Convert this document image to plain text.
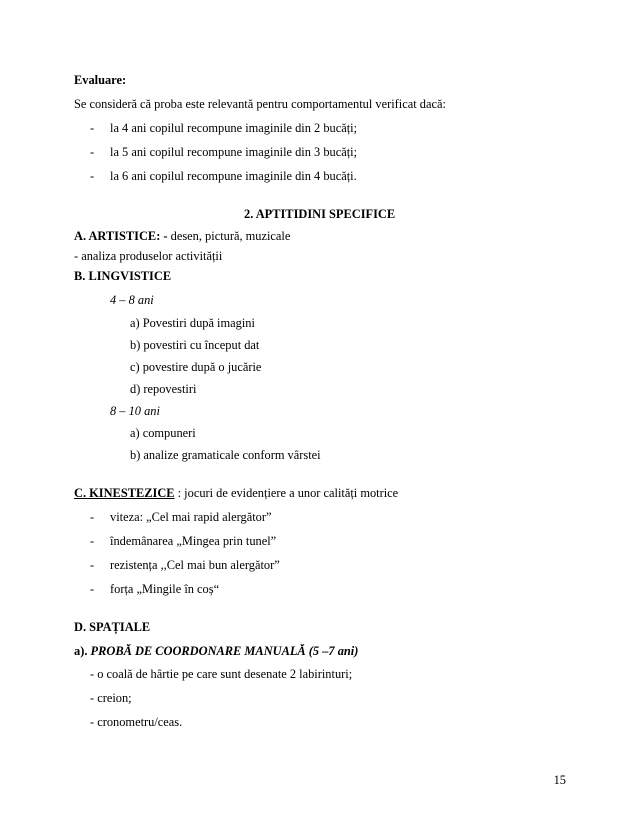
Evaluare:
Se consideră că proba este relevantă pentru comportamentul verificat dacă:
- la 4 ani copilul recompune imaginile din 2 bucăți;
- la 5 ani copilul recompune imaginile din 3 bucăți;
- la 6 ani copilul recompune imaginile din 4 bucăți.
2. APTITIDINI SPECIFICE
A. ARTISTICE: - desen, pictură, muzicale
- analiza produselor activității
B. LINGVISTICE
4 – 8 ani
a) Povestiri după imagini
b) povestiri cu început dat
c) povestire după o jucărie
d) repovestiri
8 – 10 ani
a) compuneri
b) analize gramaticale conform vârstei
C. KINESTEZICE : jocuri de evidențiere a unor calități motrice
- viteza: „Cel mai rapid alergător”
- îndemânarea „Mingea prin tunel”
- rezistența ,,Cel mai bun alergător”
- forța „Mingile în coș“
D. SPAȚIALE
a). PROBĂ DE COORDONARE MANUALĂ (5 –7 ani)
- o coală de hârtie pe care sunt desenate 2 labirinturi;
- creion;
- cronometru/ceas.
15
